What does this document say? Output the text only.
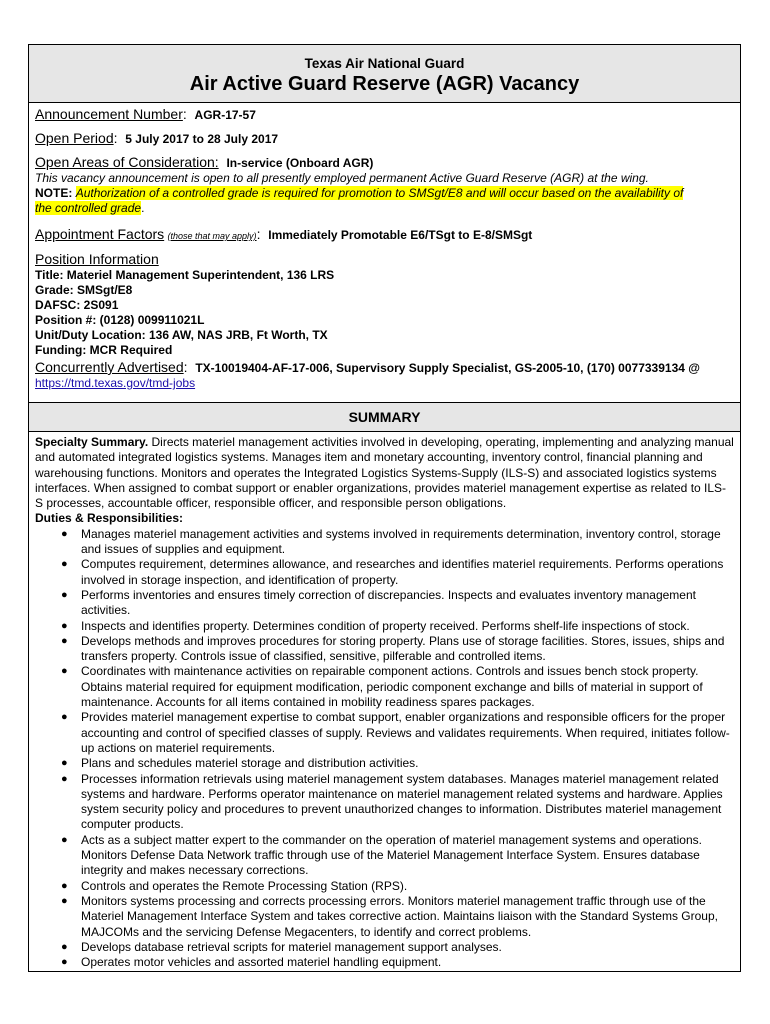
Texas Air National Guard
Air Active Guard Reserve (AGR) Vacancy
Announcement Number:  AGR-17-57
Open Period:  5 July 2017 to 28 July 2017
Open Areas of Consideration: In-service (Onboard AGR)
This vacancy announcement is open to all presently employed permanent Active Guard Reserve (AGR) at the wing.
NOTE: Authorization of a controlled grade is required for promotion to SMSgt/E8 and will occur based on the availability of
the controlled grade.
Appointment Factors (those that may apply):  Immediately Promotable E6/TSgt to E-8/SMSgt
Position Information
Title: Materiel Management Superintendent, 136 LRS
Grade: SMSgt/E8
DAFSC: 2S091
Position #: (0128) 009911021L
Unit/Duty Location: 136 AW, NAS JRB, Ft Worth, TX
Funding: MCR Required
Concurrently Advertised:  TX-10019404-AF-17-006, Supervisory Supply Specialist, GS-2005-10, (170) 0077339134 @
https://tmd.texas.gov/tmd-jobs
SUMMARY
Specialty Summary. Directs materiel management activities involved in developing, operating, implementing and analyzing manual and automated integrated logistics systems. Manages item and monetary accounting, inventory control, financial planning and warehousing functions. Monitors and operates the Integrated Logistics Systems-Supply (ILS-S) and associated logistics systems interfaces. When assigned to combat support or enabler organizations, provides materiel management expertise as related to ILS-S processes, accountable officer, responsible officer, and responsible person obligations.
Duties & Responsibilities:
● Manages materiel management activities and systems involved in requirements determination, inventory control, storage and issues of supplies and equipment.
● Computes requirement, determines allowance, and researches and identifies materiel requirements. Performs operations involved in storage inspection, and identification of property.
● Performs inventories and ensures timely correction of discrepancies. Inspects and evaluates inventory management activities.
● Inspects and identifies property. Determines condition of property received. Performs shelf-life inspections of stock.
● Develops methods and improves procedures for storing property. Plans use of storage facilities. Stores, issues, ships and transfers property. Controls issue of classified, sensitive, pilferable and controlled items.
● Coordinates with maintenance activities on repairable component actions. Controls and issues bench stock property. Obtains material required for equipment modification, periodic component exchange and bills of material in support of maintenance. Accounts for all items contained in mobility readiness spares packages.
● Provides materiel management expertise to combat support, enabler organizations and responsible officers for the proper accounting and control of specified classes of supply. Reviews and validates requirements. When required, initiates follow-up actions on materiel requirements.
● Plans and schedules materiel storage and distribution activities.
● Processes information retrievals using materiel management system databases. Manages materiel management related systems and hardware. Performs operator maintenance on materiel management related systems and hardware. Applies system security policy and procedures to prevent unauthorized changes to information. Distributes materiel management computer products.
● Acts as a subject matter expert to the commander on the operation of materiel management systems and operations. Monitors Defense Data Network traffic through use of the Materiel Management Interface System. Ensures database integrity and makes necessary corrections.
● Controls and operates the Remote Processing Station (RPS).
● Monitors systems processing and corrects processing errors. Monitors materiel management traffic through use of the Materiel Management Interface System and takes corrective action. Maintains liaison with the Standard Systems Group, MAJCOMs and the servicing Defense Megacenters, to identify and correct problems.
● Develops database retrieval scripts for materiel management support analyses.
● Operates motor vehicles and assorted materiel handling equipment.
